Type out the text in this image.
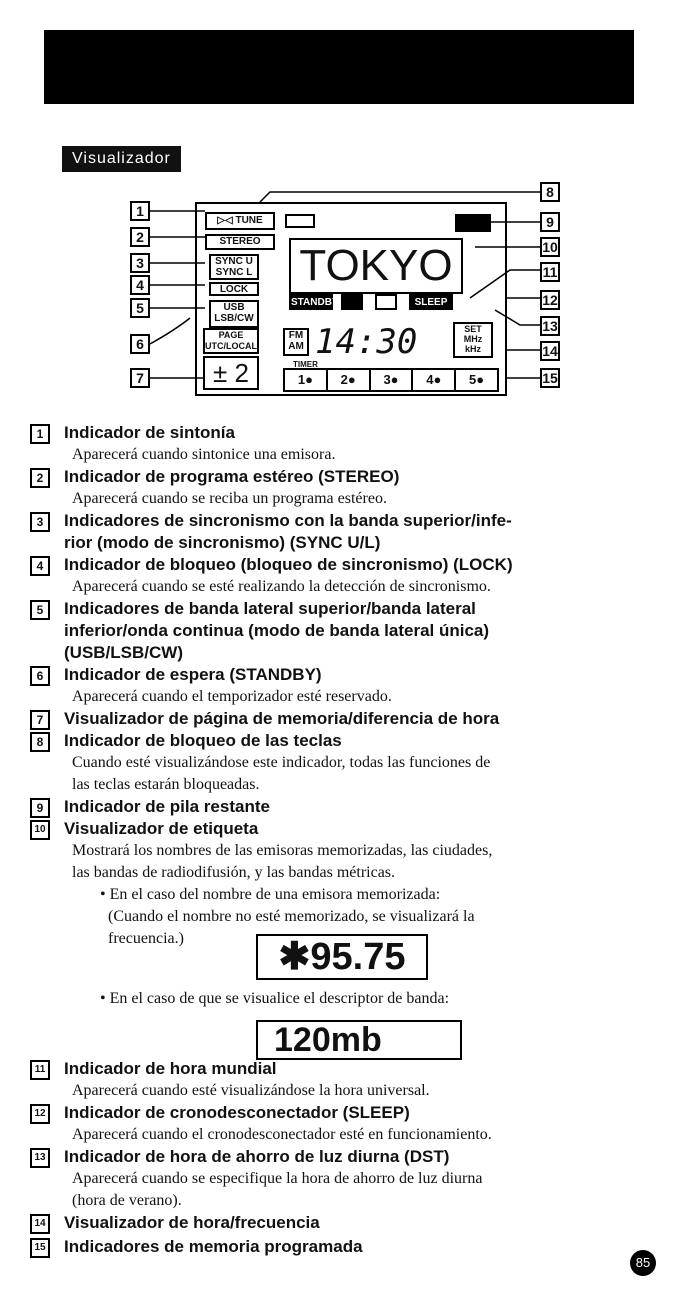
Visualizador
1
2
3
4
5
6
7
8
9
10
11
12
13
14
15
▷◁ TUNE
STEREO
SYNC U
SYNC L
LOCK
USB
LSB/CW
TOKYO
STANDBY	SLEEP
PAGE
UTC/LOCAL
± 2
FM
AM 14:30	SET
MHz
kHz
TIMER
1●	2●	3●	4●	5●
1	Indicador de sintonía
Aparecerá cuando sintonice una emisora.
2	Indicador de programa estéreo (STEREO)
Aparecerá cuando se reciba un programa estéreo.
3	Indicadores de sincronismo con la banda superior/infe-
rior (modo de sincronismo) (SYNC U/L)
4	Indicador de bloqueo (bloqueo de sincronismo) (LOCK)
Aparecerá cuando se esté realizando la detección de sincronismo.
5	Indicadores de banda lateral superior/banda lateral
inferior/onda continua (modo de banda lateral única)
(USB/LSB/CW)
6	Indicador de espera (STANDBY)
Aparecerá cuando el temporizador esté reservado.
7	Visualizador de página de memoria/diferencia de hora
8	Indicador de bloqueo de las teclas
Cuando esté visualizándose este indicador, todas las funciones de
las teclas estarán bloqueadas.
9	Indicador de pila restante
10 Visualizador de etiqueta
Mostrará los nombres de las emisoras memorizadas, las ciudades,
las bandas de radiodifusión, y las bandas métricas.
• En el caso del nombre de una emisora memorizada:
(Cuando el nombre no esté memorizado, se visualizará la
frecuencia.)	✱95.75
• En el caso de que se visualice el descriptor de banda:
120mb
11 Indicador de hora mundial
Aparecerá cuando esté visualizándose la hora universal.
12 Indicador de cronodesconectador (SLEEP)
Aparecerá cuando el cronodesconectador esté en funcionamiento.
13 Indicador de hora de ahorro de luz diurna (DST)
Aparecerá cuando se especifique la hora de ahorro de luz diurna
(hora de verano).
14 Visualizador de hora/frecuencia
15 Indicadores de memoria programada
85
